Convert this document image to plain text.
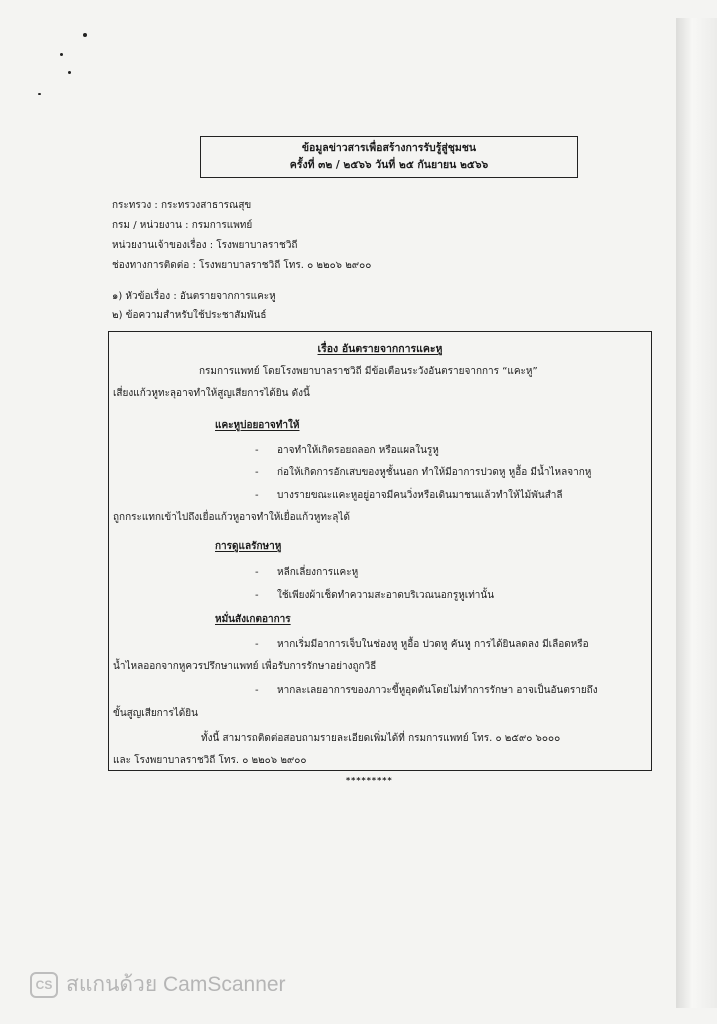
ข้อมูลข่าวสารเพื่อสร้างการรับรู้สู่ชุมชน
ครั้งที่ ๓๒ / ๒๕๖๖ วันที่ ๒๕ กันยายน ๒๕๖๖
กระทรวง : กระทรวงสาธารณสุข
กรม / หน่วยงาน : กรมการแพทย์
หน่วยงานเจ้าของเรื่อง : โรงพยาบาลราชวิถี
ช่องทางการติดต่อ : โรงพยาบาลราชวิถี โทร. ๐ ๒๒๐๖ ๒๙๐๐
๑) หัวข้อเรื่อง : อันตรายจากการแคะหู
๒) ข้อความสำหรับใช้ประชาสัมพันธ์
เรื่อง อันตรายจากการแคะหู
กรมการแพทย์ โดยโรงพยาบาลราชวิถี มีข้อเตือนระวังอันตรายจากการ “แคะหู”
เสี่ยงแก้วหูทะลุอาจทำให้สูญเสียการได้ยิน ดังนี้
แคะหูบ่อยอาจทำให้
- อาจทำให้เกิดรอยถลอก หรือแผลในรูหู
- ก่อให้เกิดการอักเสบของหูชั้นนอก ทำให้มีอาการปวดหู หูอื้อ มีน้ำไหลจากหู
- บางรายขณะแคะหูอยู่อาจมีคนวิ่งหรือเดินมาชนแล้วทำให้ไม้พันสำลี
ถูกกระแทกเข้าไปถึงเยื่อแก้วหูอาจทำให้เยื่อแก้วหูทะลุได้
การดูแลรักษาหู
- หลีกเลี่ยงการแคะหู
- ใช้เพียงผ้าเช็ดทำความสะอาดบริเวณนอกรูหูเท่านั้น
หมั่นสังเกตอาการ
- หากเริ่มมีอาการเจ็บในช่องหู หูอื้อ ปวดหู คันหู การได้ยินลดลง มีเลือดหรือ
น้ำไหลออกจากหูควรปรึกษาแพทย์ เพื่อรับการรักษาอย่างถูกวิธี
- หากละเลยอาการของภาวะขี้หูอุดตันโดยไม่ทำการรักษา อาจเป็นอันตรายถึง
ขั้นสูญเสียการได้ยิน
ทั้งนี้ สามารถติดต่อสอบถามรายละเอียดเพิ่มได้ที่ กรมการแพทย์ โทร. ๐ ๒๕๙๐ ๖๐๐๐
และ โรงพยาบาลราชวิถี โทร. ๐ ๒๒๐๖ ๒๙๐๐
*********
CS สแกนด้วย CamScanner
